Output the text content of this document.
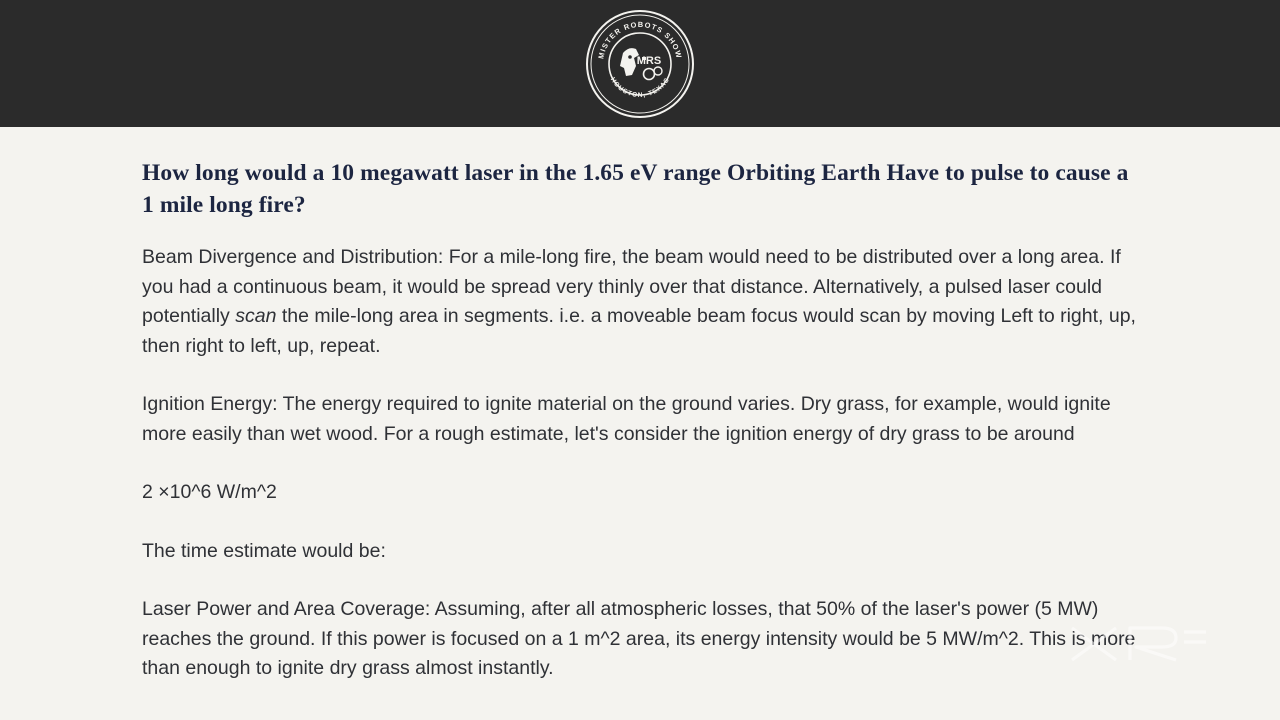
MISTER ROBOTS SHOW
HOUSTON, TEXAS
MRS
How long would a 10 megawatt laser in the 1.65 eV range Orbiting Earth Have to pulse to cause a 1 mile long fire?

Beam Divergence and Distribution: For a mile-long fire, the beam would need to be distributed over a long area. If you had a continuous beam, it would be spread very thinly over that distance. Alternatively, a pulsed laser could potentially scan the mile-long area in segments. i.e. a moveable beam focus would scan by moving Left to right, up, then right to left, up, repeat.

Ignition Energy: The energy required to ignite material on the ground varies. Dry grass, for example, would ignite more easily than wet wood. For a rough estimate, let's consider the ignition energy of dry grass to be around

2 ×10^6 W/m^2

The time estimate would be:

Laser Power and Area Coverage: Assuming, after all atmospheric losses, that 50% of the laser's power (5 MW) reaches the ground. If this power is focused on a 1 m^2 area, its energy intensity would be 5 MW/m^2. This is more than enough to ignite dry grass almost instantly.
